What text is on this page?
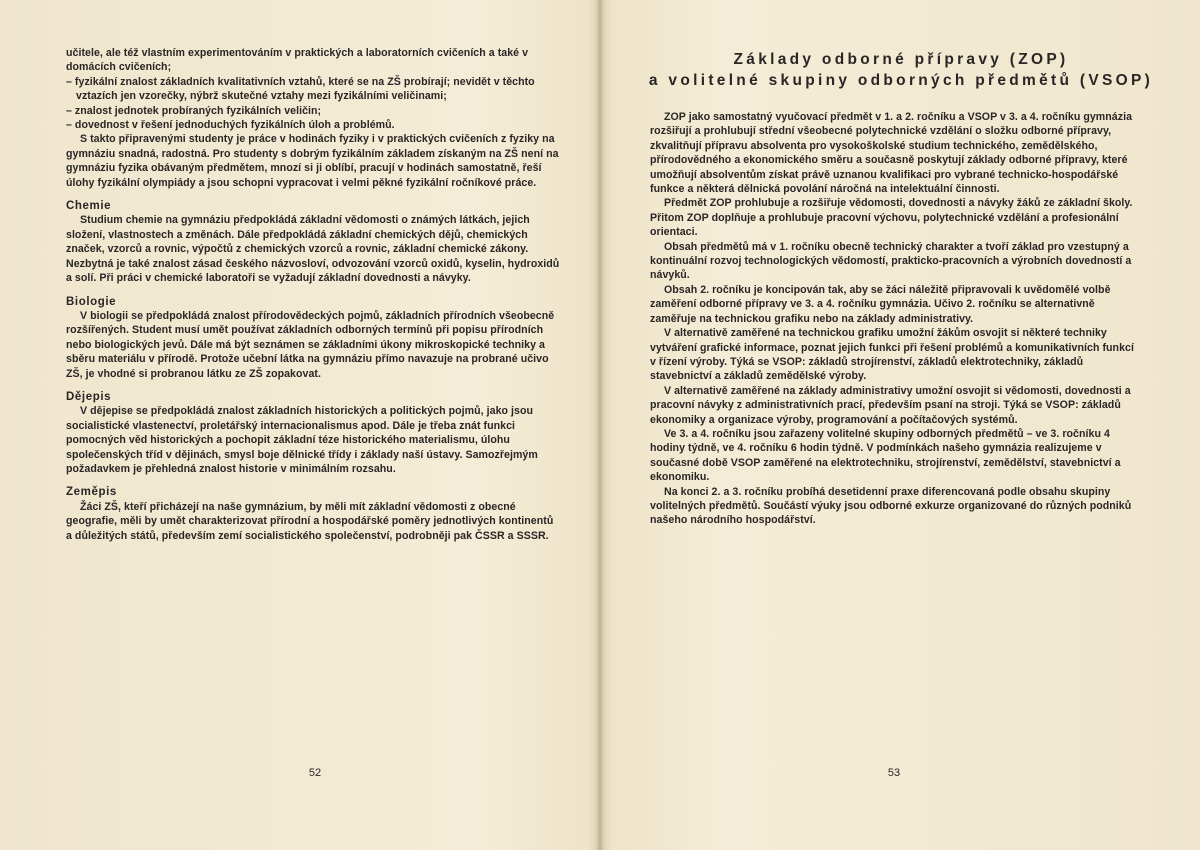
učitele, ale též vlastním experimentováním v praktických a laboratorních cvičeních a také v domácích cvičeních;

– fyzikální znalost základních kvalitativních vztahů, které se na ZŠ probírají; nevidět v těchto vztazích jen vzorečky, nýbrž skutečné vztahy mezi fyzikálními veličinami;

– znalost jednotek probíraných fyzikálních veličin;

– dovednost v řešení jednoduchých fyzikálních úloh a problémů.

S takto připravenými studenty je práce v hodinách fyziky i v praktických cvičeních z fyziky na gymnáziu snadná, radostná. Pro studenty s dobrým fyzikálním základem získaným na ZŠ není na gymnáziu fyzika obávaným předmětem, mnozí si ji oblíbí, pracují v hodinách samostatně, řeší úlohy fyzikální olympiády a jsou schopni vypracovat i velmi pěkné fyzikální ročníkové práce.

Chemie

Studium chemie na gymnáziu předpokládá základní vědomosti o známých látkách, jejich složení, vlastnostech a změnách. Dále předpokládá základní chemických dějů, chemických značek, vzorců a rovnic, výpočtů z chemických vzorců a rovnic, základní chemické zákony. Nezbytná je také znalost zásad českého názvosloví, odvozování vzorců oxidů, kyselin, hydroxidů a solí. Při práci v chemické laboratoři se vyžadují základní dovednosti a návyky.

Biologie

V biologii se předpokládá znalost přírodovědeckých pojmů, základních přírodních všeobecně rozšířených. Student musí umět používat základních odborných termínů při popisu přírodních nebo biologických jevů. Dále má být seznámen se základními úkony mikroskopické techniky a sběru materiálu v přírodě. Protože učební látka na gymnáziu přímo navazuje na probrané učivo ZŠ, je vhodné si probranou látku ze ZŠ zopakovat.

Dějepis

V dějepise se předpokládá znalost základních historických a politických pojmů, jako jsou socialistické vlastenectví, proletářský internacionalismus apod. Dále je třeba znát funkci pomocných věd historických a pochopit základní téze historického materialismu, úlohu společenských tříd v dějinách, smysl boje dělnické třídy i základy naší ústavy. Samozřejmým požadavkem je přehledná znalost historie v minimálním rozsahu.

Zeměpis

Žáci ZŠ, kteří přicházejí na naše gymnázium, by měli mít základní vědomosti z obecné geografie, měli by umět charakterizovat přírodní a hospodářské poměry jednotlivých kontinentů a důležitých států, především zemí socialistického společenství, podrobněji pak ČSSR a SSSR.

52
Základy odborné přípravy (ZOP)
a volitelné skupiny odborných předmětů (VSOP)

ZOP jako samostatný vyučovací předmět v 1. a 2. ročníku a VSOP v 3. a 4. ročníku gymnázia rozšiřují a prohlubují střední všeobecné polytechnické vzdělání o složku odborné přípravy, zkvalitňují přípravu absolventa pro vysokoškolské studium technického, zemědělského, přírodovědného a ekonomického směru a současně poskytují základy odborné přípravy, které umožňují absolventům získat právě uznanou kvalifikaci pro vybrané technicko-hospodářské funkce a některá dělnická povolání náročná na intelektuální činnosti.

Předmět ZOP prohlubuje a rozšiřuje vědomosti, dovednosti a návyky žáků ze základní školy. Přitom ZOP doplňuje a prohlubuje pracovní výchovu, polytechnické vzdělání a profesionální orientaci.

Obsah předmětů má v 1. ročníku obecně technický charakter a tvoří základ pro vzestupný a kontinuální rozvoj technologických vědomostí, prakticko-pracovních a výrobních dovedností a návyků.

Obsah 2. ročníku je koncipován tak, aby se žáci náležitě připravovali k uvědomělé volbě zaměření odborné přípravy ve 3. a 4. ročníku gymnázia. Učivo 2. ročníku se alternativně zaměřuje na technickou grafiku nebo na základy administrativy.

V alternativě zaměřené na technickou grafiku umožní žákům osvojit si některé techniky vytváření grafické informace, poznat jejich funkci při řešení problémů a komunikativních funkcí v řízení výroby. Týká se VSOP: základů strojírenství, základů elektrotechniky, základů stavebnictví a základů zemědělské výroby.

V alternativě zaměřené na základy administrativy umožní osvojit si vědomosti, dovednosti a pracovní návyky z administrativních prací, především psaní na stroji. Týká se VSOP: základů ekonomiky a organizace výroby, programování a počítačových systémů.

Ve 3. a 4. ročníku jsou zařazeny volitelné skupiny odborných předmětů – ve 3. ročníku 4 hodiny týdně, ve 4. ročníku 6 hodin týdně. V podmínkách našeho gymnázia realizujeme v současné době VSOP zaměřené na elektrotechniku, strojírenství, zemědělství, stavebnictví a ekonomiku.

Na konci 2. a 3. ročníku probíhá desetidenní praxe diferencovaná podle obsahu skupiny volitelných předmětů. Součástí výuky jsou odborné exkurze organizované do různých podniků našeho národního hospodářství.

53
